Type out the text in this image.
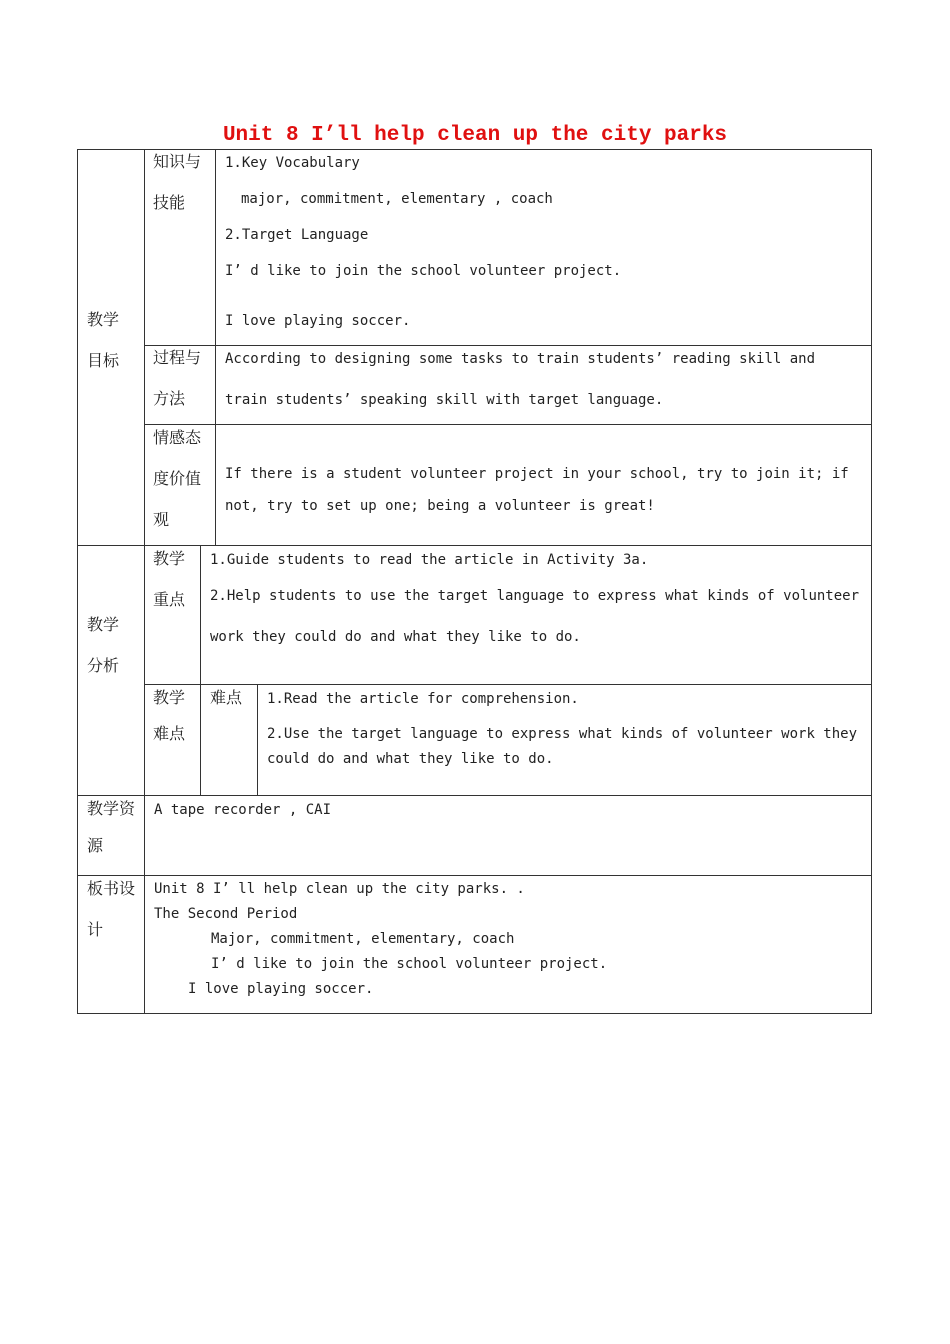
Unit 8 I’ll help clean up the city parks
教学
目标
知识与
技能
1.Key Vocabulary
major, commitment, elementary , coach
2.Target Language
I’ d like to join the school volunteer project.
I love playing soccer.
过程与
方法
According to designing some tasks to train students’ reading skill and
train students’ speaking skill with target language.
情感态
度价值
观
If there is a student volunteer project in your school, try to join it; if
not, try to set up one; being a volunteer is great!
教学
分析
教学
重点
1.Guide students to read the article in Activity 3a.
2.Help students to use the target language to express what kinds of volunteer
work they could do and what they like to do.
教学
难点
难点 1.Read the article for comprehension.
2.Use the target language to express what kinds of volunteer work they
could do and what they like to do.
教学资
源
A tape recorder , CAI
板书设
计
Unit 8 I’ ll help clean up the city parks. .
The Second Period
Major, commitment, elementary, coach
I’ d like to join the school volunteer project.
I love playing soccer.
